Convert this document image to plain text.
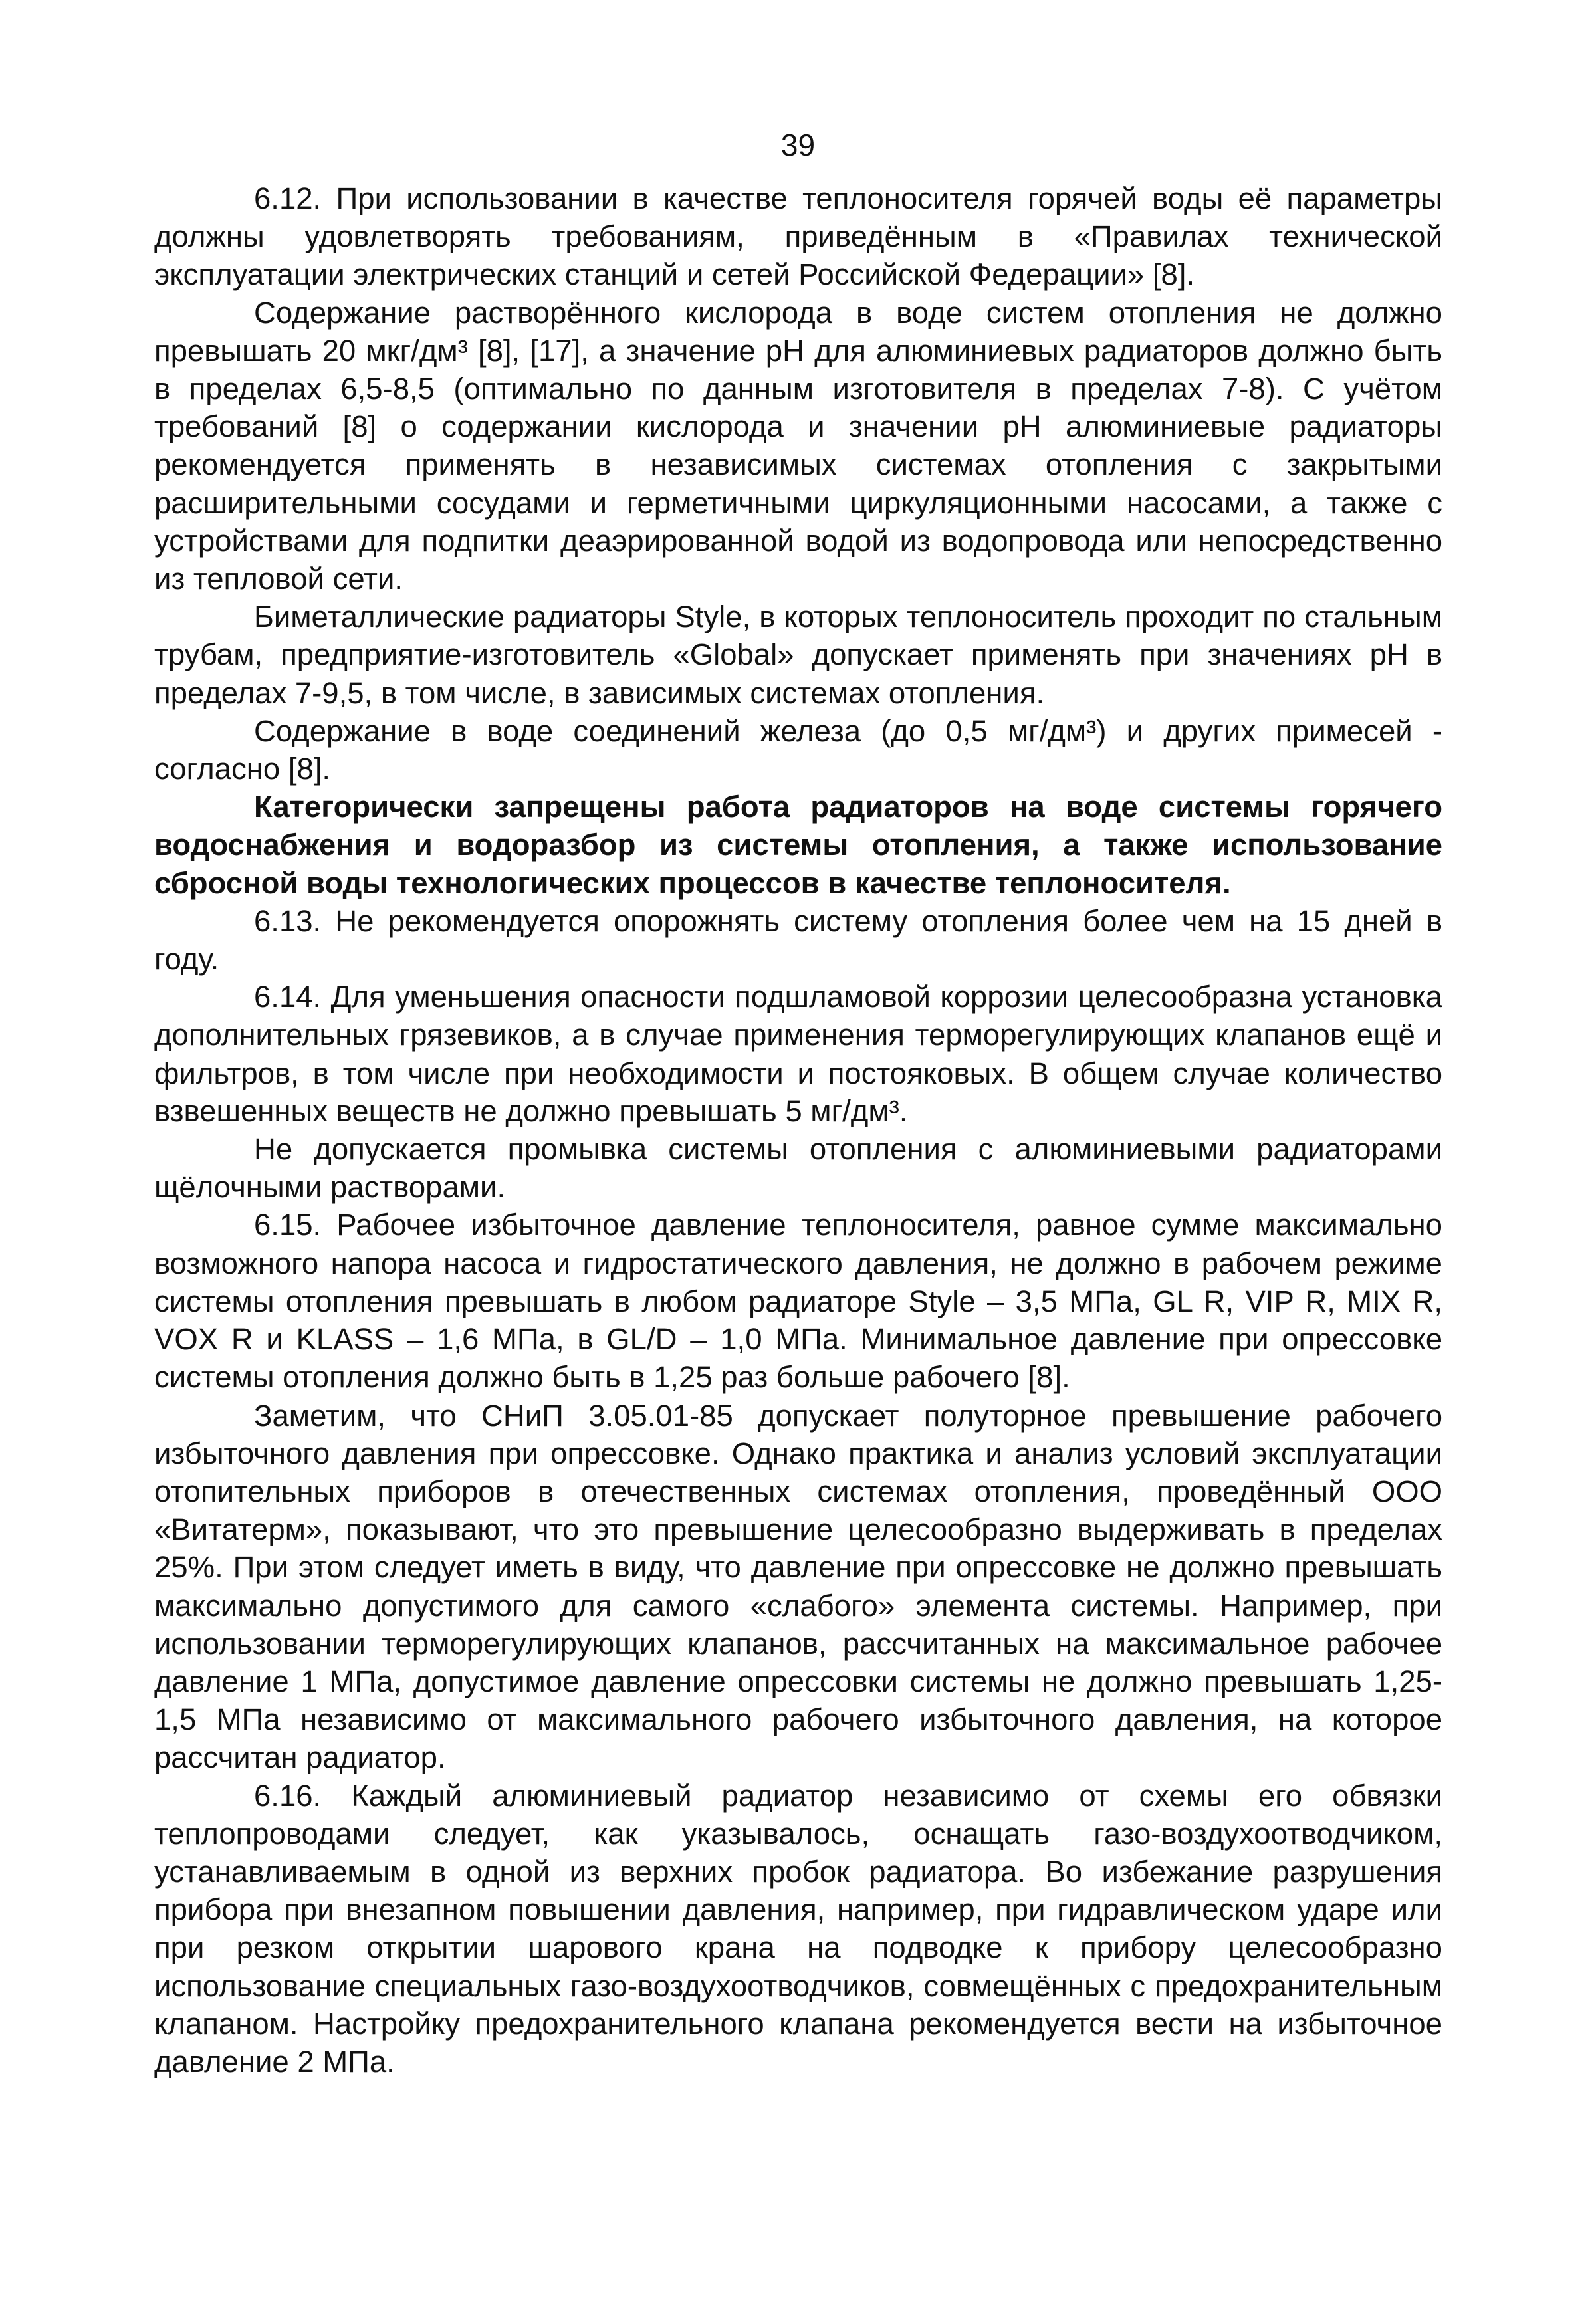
39

6.12. При использовании в качестве теплоносителя горячей воды её параметры должны удовлетворять требованиям, приведённым в «Правилах технической эксплуатации электрических станций и сетей Российской Федерации» [8].

Содержание растворённого кислорода в воде систем отопления не должно превышать 20 мкг/дм³ [8], [17], а значение рН для алюминиевых радиаторов должно быть в пределах 6,5-8,5 (оптимально по данным изготовителя в пределах 7-8). С учётом требований [8] о содержании кислорода и значении рН алюминиевые радиаторы рекомендуется применять в независимых системах отопления с закрытыми расширительными сосудами и герметичными циркуляционными насосами, а также с устройствами для подпитки деаэрированной водой из водопровода или непосредственно из тепловой сети.

Биметаллические радиаторы Style, в которых теплоноситель проходит по стальным трубам, предприятие-изготовитель «Global» допускает применять при значениях рН в пределах 7-9,5, в том числе, в зависимых системах отопления.

Содержание в воде соединений железа (до 0,5 мг/дм³) и других примесей - согласно [8].

Категорически запрещены работа радиаторов на воде системы горячего водоснабжения и водоразбор из системы отопления, а также использование сбросной воды технологических процессов в качестве теплоносителя.

6.13. Не рекомендуется опорожнять систему отопления более чем на 15 дней в году.

6.14. Для уменьшения опасности подшламовой коррозии целесообразна установка дополнительных грязевиков, а в случае применения терморегулирующих клапанов ещё и фильтров, в том числе при необходимости и постояковых. В общем случае количество взвешенных веществ не должно превышать 5 мг/дм³.

Не допускается промывка системы отопления с алюминиевыми радиаторами щёлочными растворами.

6.15. Рабочее избыточное давление теплоносителя, равное сумме максимально возможного напора насоса и гидростатического давления, не должно в рабочем режиме системы отопления превышать в любом радиаторе Style – 3,5 МПа, GL R, VIP R, MIX R, VOX R и KLASS – 1,6 МПа, в GL/D – 1,0 МПа. Минимальное давление при опрессовке системы отопления должно быть в 1,25 раз больше рабочего [8].

Заметим, что СНиП 3.05.01-85 допускает полуторное превышение рабочего избыточного давления при опрессовке. Однако практика и анализ условий эксплуатации отопительных приборов в отечественных системах отопления, проведённый ООО «Витатерм», показывают, что это превышение целесообразно выдерживать в пределах 25%. При этом следует иметь в виду, что давление при опрессовке не должно превышать максимально допустимого для самого «слабого» элемента системы. Например, при использовании терморегулирующих клапанов, рассчитанных на максимальное рабочее давление 1 МПа, допустимое давление опрессовки системы не должно превышать 1,25-1,5 МПа независимо от максимального рабочего избыточного давления, на которое рассчитан радиатор.

6.16. Каждый алюминиевый радиатор независимо от схемы его обвязки теплопроводами следует, как указывалось, оснащать газо-воздухоотводчиком, устанавливаемым в одной из верхних пробок радиатора. Во избежание разрушения прибора при внезапном повышении давления, например, при гидравлическом ударе или при резком открытии шарового крана на подводке к прибору целесообразно использование специальных газо-воздухоотводчиков, совмещённых с предохранительным клапаном. Настройку предохранительного клапана рекомендуется вести на избыточное давление 2 МПа.
